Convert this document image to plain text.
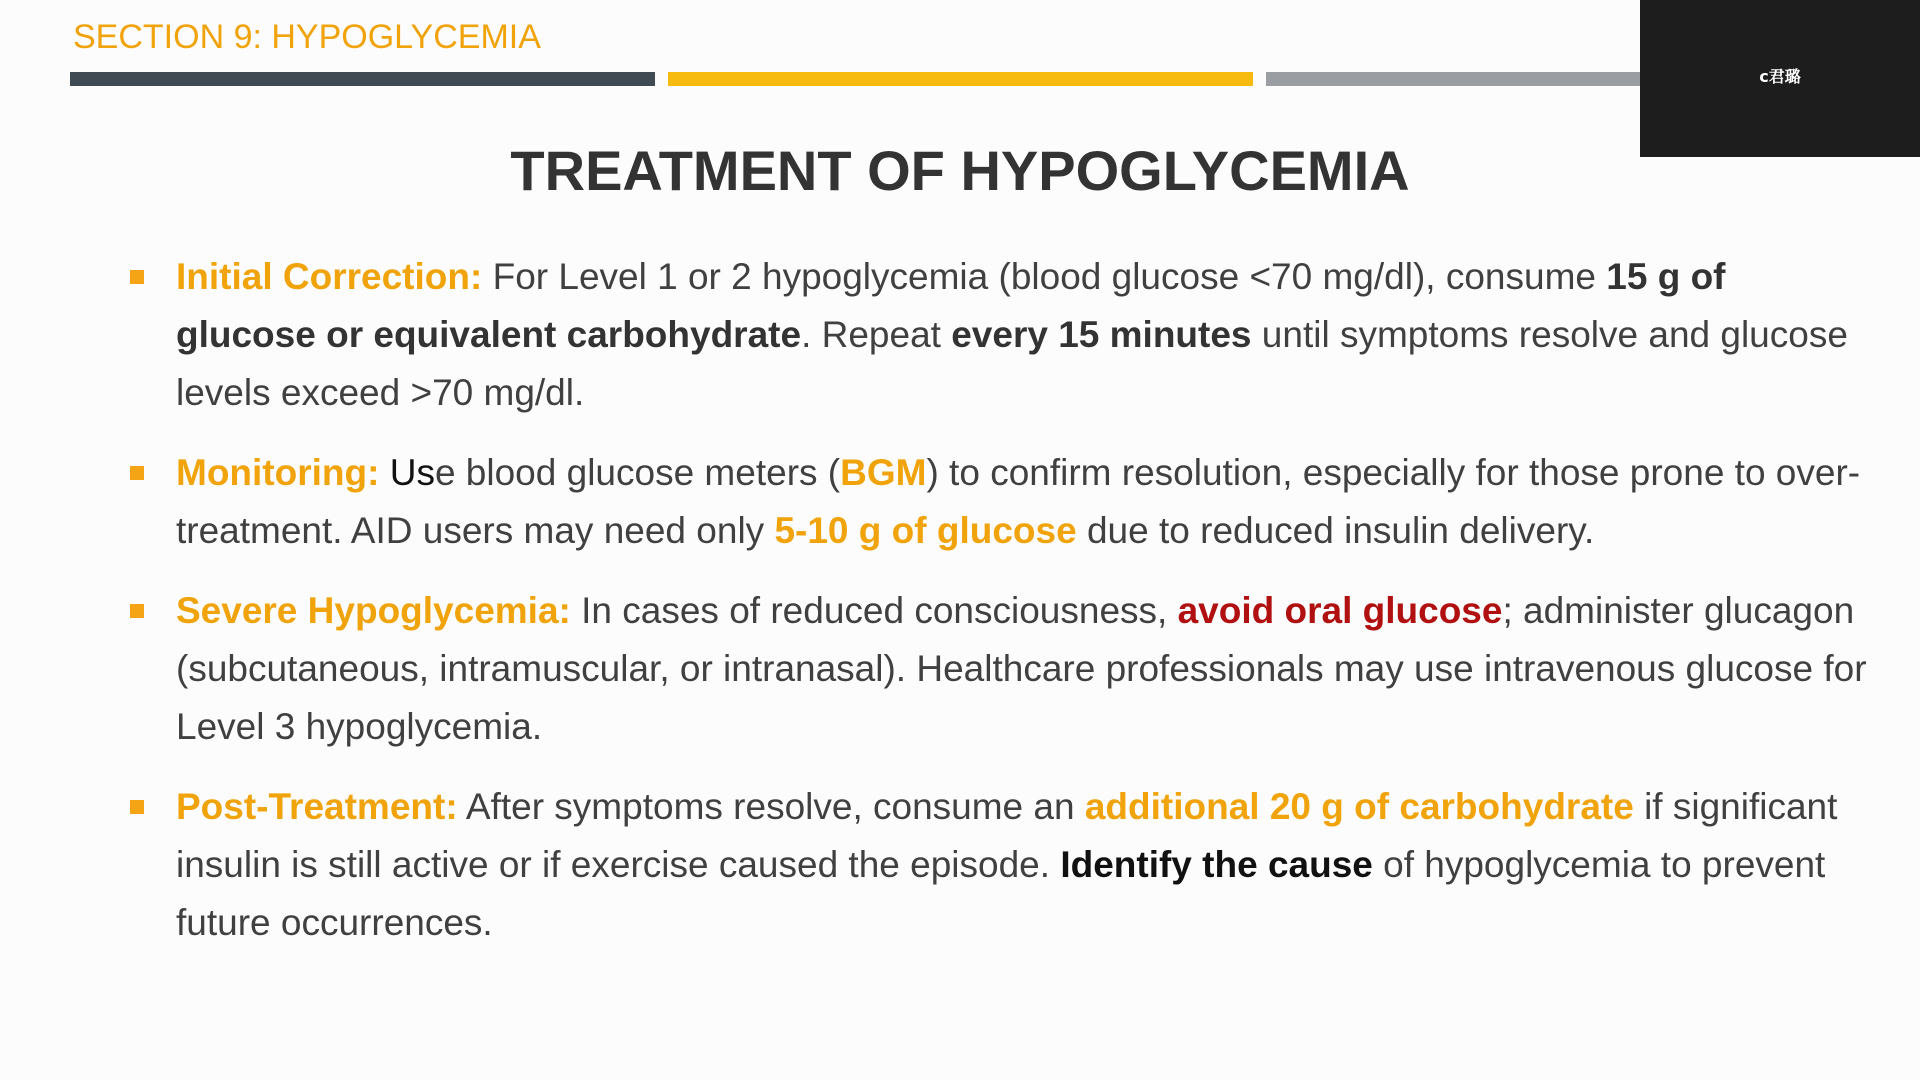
SECTION 9: HYPOGLYCEMIA
c君璐
TREATMENT OF HYPOGLYCEMIA
Initial Correction: For Level 1 or 2 hypoglycemia (blood glucose <70 mg/dl), consume 15 g of glucose or equivalent carbohydrate. Repeat every 15 minutes until symptoms resolve and glucose levels exceed >70 mg/dl.
Monitoring: Use blood glucose meters (BGM) to confirm resolution, especially for those prone to over-treatment. AID users may need only 5-10 g of glucose due to reduced insulin delivery.
Severe Hypoglycemia: In cases of reduced consciousness, avoid oral glucose; administer glucagon (subcutaneous, intramuscular, or intranasal). Healthcare professionals may use intravenous glucose for Level 3 hypoglycemia.
Post-Treatment: After symptoms resolve, consume an additional 20 g of carbohydrate if significant insulin is still active or if exercise caused the episode. Identify the cause of hypoglycemia to prevent future occurrences.
